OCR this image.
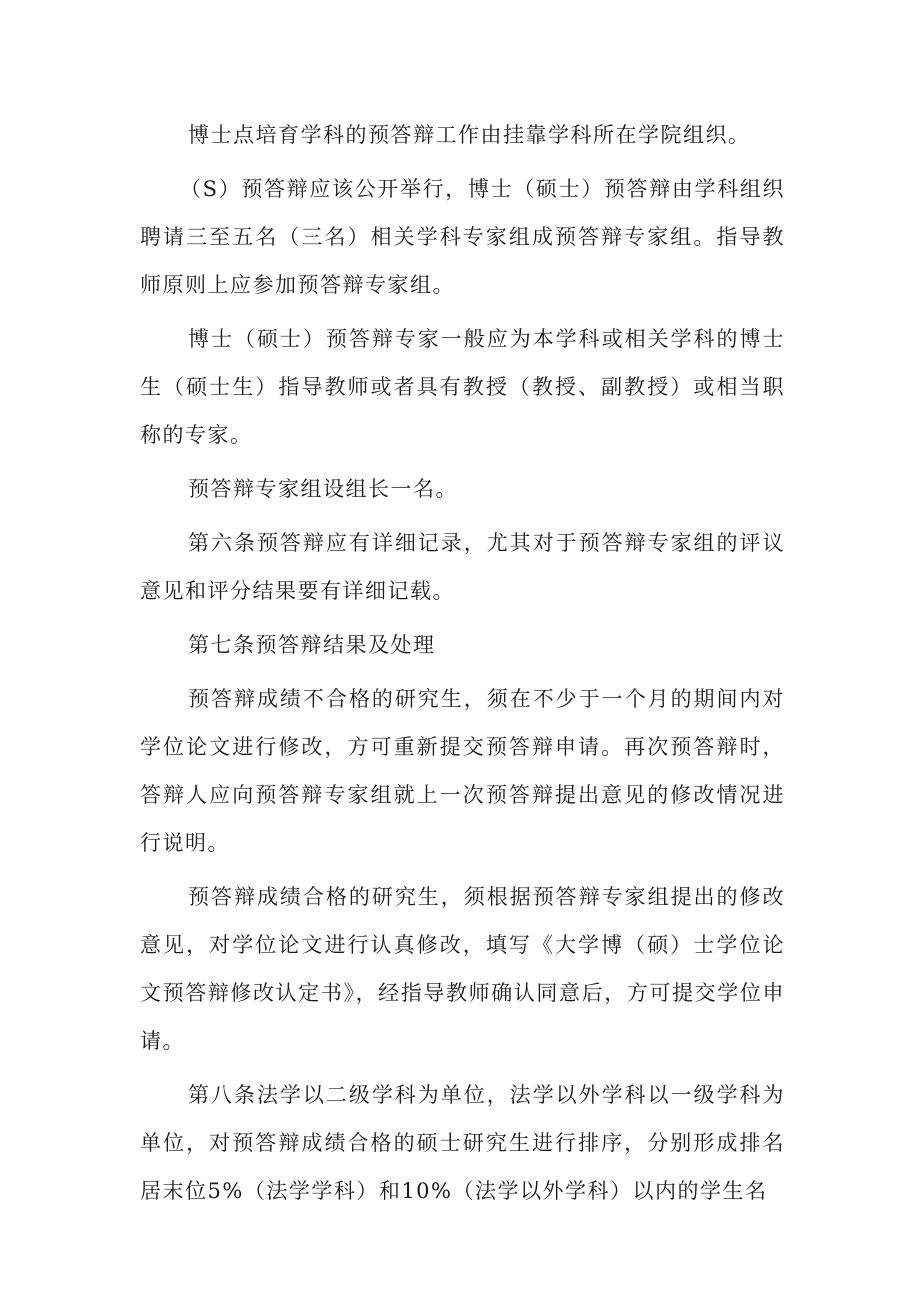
博士点培育学科的预答辩工作由挂靠学科所在学院组织。

（S）预答辩应该公开举行，博士（硕士）预答辩由学科组织聘请三至五名（三名）相关学科专家组成预答辩专家组。指导教师原则上应参加预答辩专家组。

博士（硕士）预答辩专家一般应为本学科或相关学科的博士生（硕士生）指导教师或者具有教授（教授、副教授）或相当职称的专家。

预答辩专家组设组长一名。

第六条预答辩应有详细记录，尤其对于预答辩专家组的评议意见和评分结果要有详细记载。

第七条预答辩结果及处理

预答辩成绩不合格的研究生，须在不少于一个月的期间内对学位论文进行修改，方可重新提交预答辩申请。再次预答辩时，答辩人应向预答辩专家组就上一次预答辩提出意见的修改情况进行说明。

预答辩成绩合格的研究生，须根据预答辩专家组提出的修改意见，对学位论文进行认真修改，填写《大学博（硕）士学位论文预答辩修改认定书》，经指导教师确认同意后，方可提交学位申请。

第八条法学以二级学科为单位，法学以外学科以一级学科为单位，对预答辩成绩合格的硕士研究生进行排序，分别形成排名居末位5%（法学学科）和10%（法学以外学科）以内的学生名
